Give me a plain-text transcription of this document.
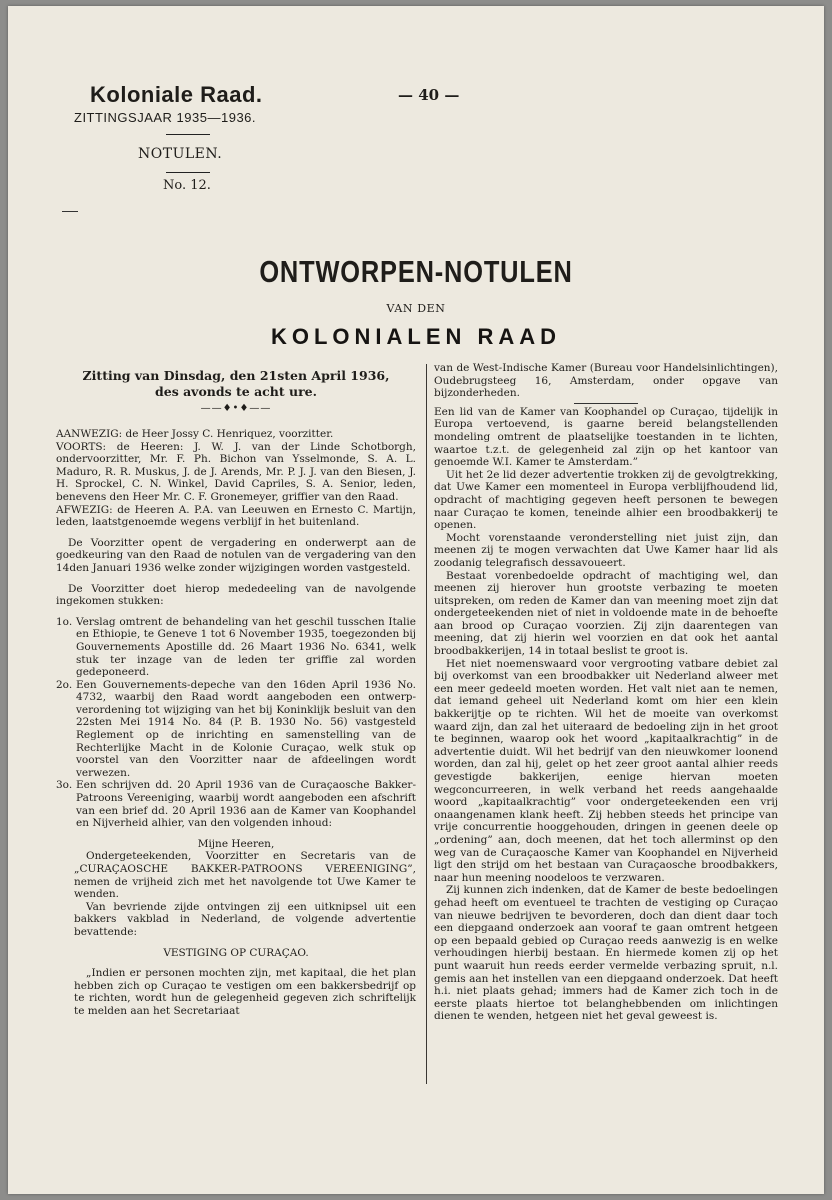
Koloniale Raad.
ZITTINGSJAAR 1935—1936.
NOTULEN.
No. 12.
— 40 —
ONTWORPEN-NOTULEN
VAN DEN
KOLONIALEN RAAD
Zitting van Dinsdag, den 21sten April 1936,
des avonds te acht ure.
——♦•♦——

AANWEZIG: de Heer Jossy C. Henriquez, voorzitter.

VOORTS: de Heeren: J. W. J. van der Linde Schotborgh, ondervoorzitter, Mr. F. Ph. Bichon van Ysselmonde, S. A. L. Maduro, R. R. Muskus, J. de J. Arends, Mr. P. J. J. van den Biesen, J. H. Sprockel, C. N. Winkel, David Capriles, S. A. Senior, leden, benevens den Heer Mr. C. F. Gronemeyer, griffier van den Raad.

AFWEZIG: de Heeren A. P.A. van Leeuwen en Ernesto C. Martijn, leden, laatstgenoemde wegens verblijf in het buitenland.

De Voorzitter opent de vergadering en onderwerpt aan de goedkeuring van den Raad de notulen van de vergadering van den 14den Januari 1936 welke zonder wijzigingen worden vastgesteld.

De Voorzitter doet hierop mededeeling van de navolgende ingekomen stukken:

1o. Verslag omtrent de behandeling van het geschil tusschen Italie en Ethiopie, te Geneve 1 tot 6 November 1935, toegezonden bij Gouvernements Apostille dd. 26 Maart 1936 No. 6341, welk stuk ter inzage van de leden ter griffie zal worden gedeponeerd.
2o. Een Gouvernements-depeche van den 16den April 1936 No. 4732, waarbij den Raad wordt aangeboden een ontwerp-verordening tot wijziging van het bij Koninklijk besluit van den 22sten Mei 1914 No. 84 (P. B. 1930 No. 56) vastgesteld Reglement op de inrichting en samenstelling van de Rechterlijke Macht in de Kolonie Curaçao, welk stuk op voorstel van den Voorzitter naar de afdeelingen wordt verwezen.
3o. Een schrijven dd. 20 April 1936 van de Curaçaosche Bakker-Patroons Vereeniging, waarbij wordt aangeboden een afschrift van een brief dd. 20 April 1936 aan de Kamer van Koophandel en Nijverheid alhier, van den volgenden inhoud:

Mijne Heeren,

Ondergeteekenden, Voorzitter en Secretaris van de „CURAÇAOSCHE BAKKER-PATROONS VEREENIGING”, nemen de vrijheid zich met het navolgende tot Uwe Kamer te wenden.

Van bevriende zijde ontvingen zij een uitknipsel uit een bakkers vakblad in Nederland, de volgende advertentie bevattende:

VESTIGING OP CURAÇAO.

„Indien er personen mochten zijn, met kapitaal, die het plan hebben zich op Curaçao te vestigen om een bakkersbedrijf op te richten, wordt hun de gelegenheid gegeven zich schriftelijk te melden aan het Secretariaat

van de West-Indische Kamer (Bureau voor Handelsinlichtingen), Oudebrugsteeg 16, Amsterdam, onder opgave van bijzonderheden.

Een lid van de Kamer van Koophandel op Curaçao, tijdelijk in Europa vertoevend, is gaarne bereid belangstellenden mondeling omtrent de plaatselijke toestanden in te lichten, waartoe t.z.t. de gelegenheid zal zijn op het kantoor van genoemde W.I. Kamer te Amsterdam.”

Uit het 2e lid dezer advertentie trokken zij de gevolgtrekking, dat Uwe Kamer een momenteel in Europa verblijfhoudend lid, opdracht of machtiging gegeven heeft personen te bewegen naar Curaçao te komen, teneinde alhier een broodbakkerij te openen.

Mocht vorenstaande veronderstelling niet juist zijn, dan meenen zij te mogen verwachten dat Uwe Kamer haar lid als zoodanig telegrafisch dessavoueert.

Bestaat vorenbedoelde opdracht of machtiging wel, dan meenen zij hierover hun grootste verbazing te moeten uitspreken, om reden de Kamer dan van meening moet zijn dat ondergeteekenden niet of niet in voldoende mate in de behoefte aan brood op Curaçao voorzien. Zij zijn daarentegen van meening, dat zij hierin wel voorzien en dat ook het aantal broodbakkerijen, 14 in totaal beslist te groot is.

Het niet noemenswaard voor vergrooting vatbare debiet zal bij overkomst van een broodbakker uit Nederland alweer met een meer gedeeld moeten worden. Het valt niet aan te nemen, dat iemand geheel uit Nederland komt om hier een klein bakkerijtje op te richten. Wil het de moeite van overkomst waard zijn, dan zal het uiteraard de bedoeling zijn in het groot te beginnen, waarop ook het woord „kapitaalkrachtig” in de advertentie duidt. Wil het bedrijf van den nieuwkomer loonend worden, dan zal hij, gelet op het zeer groot aantal alhier reeds gevestigde bakkerijen, eenige hiervan moeten wegconcurreeren, in welk verband het reeds aangehaalde woord „kapitaalkrachtig” voor ondergeteekenden een vrij onaangenamen klank heeft. Zij hebben steeds het principe van vrije concurrentie hooggehouden, dringen in geenen deele op „ordening” aan, doch meenen, dat het toch allerminst op den weg van de Curaçaosche Kamer van Koophandel en Nijverheid ligt den strijd om het bestaan van Curaçaosche broodbakkers, naar hun meening noodeloos te verzwaren.

Zij kunnen zich indenken, dat de Kamer de beste bedoelingen gehad heeft om eventueel te trachten de vestiging op Curaçao van nieuwe bedrijven te bevorderen, doch dan dient daar toch een diepgaand onderzoek aan vooraf te gaan omtrent hetgeen op een bepaald gebied op Curaçao reeds aanwezig is en welke verhoudingen hierbij bestaan. En hiermede komen zij op het punt waaruit hun reeds eerder vermelde verbazing spruit, n.l. gemis aan het instellen van een diepgaand onderzoek. Dat heeft h.i. niet plaats gehad; immers had de Kamer zich toch in de eerste plaats hiertoe tot belanghebbenden om inlichtingen dienen te wenden, hetgeen niet het geval geweest is.
